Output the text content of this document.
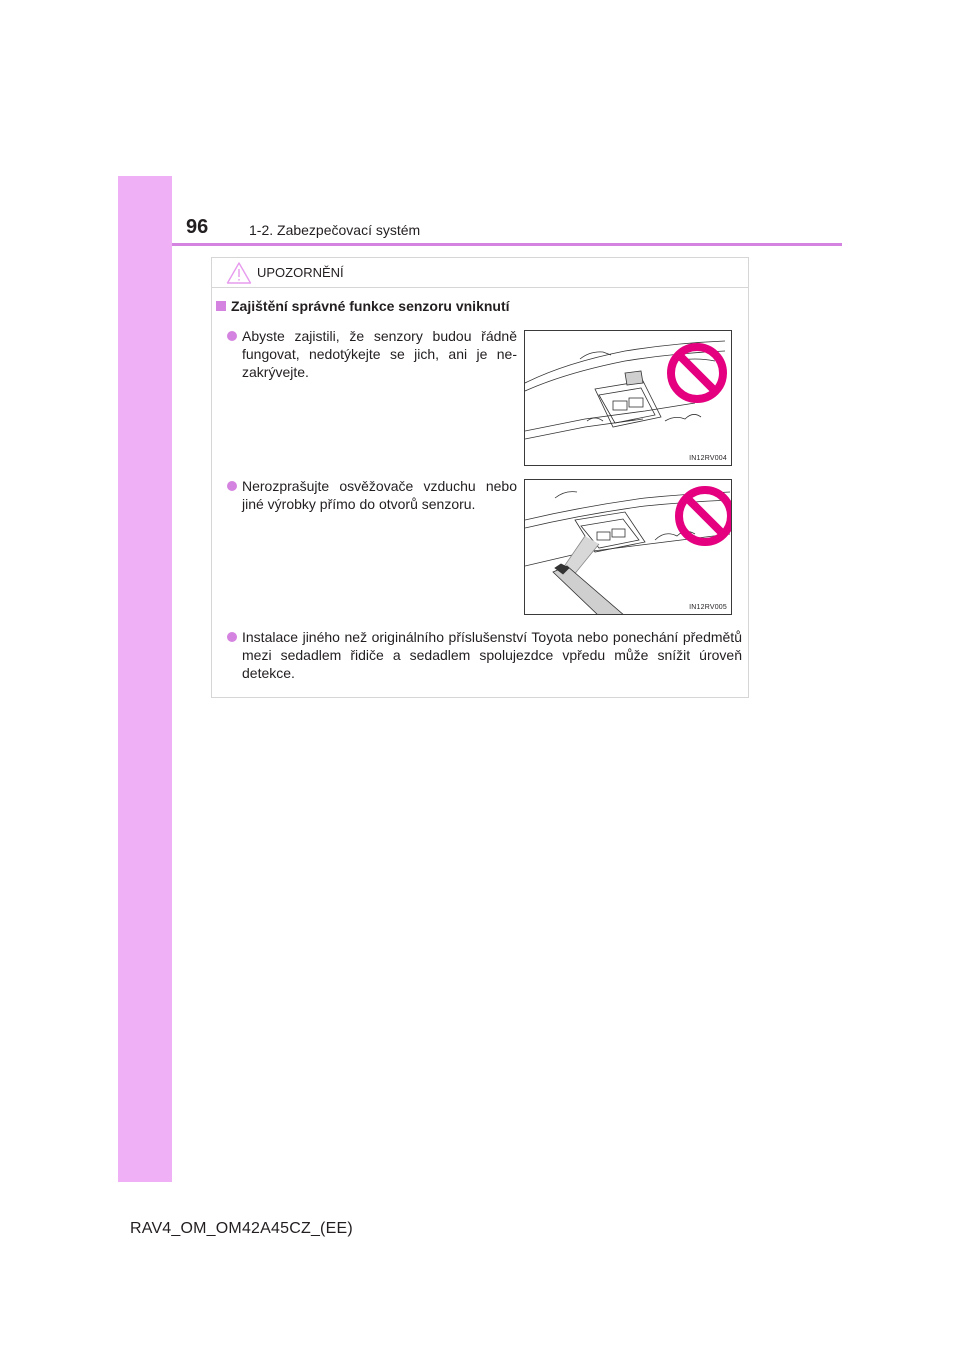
96	1-2. Zabezpečovací systém
UPOZORNĚNÍ
Zajištění správné funkce senzoru vniknutí
Abyste zajistili, že senzory budou řádně fungovat, nedotýkejte se jich, ani je nezakrývejte.
IN12RV004
Nerozprašujte osvěžovače vzduchu nebo jiné výrobky přímo do otvorů senzoru.
IN12RV005
Instalace jiného než originálního příslušenství Toyota nebo ponechání předmětů mezi sedadlem řidiče a sedadlem spolujezdce vpředu může snížit úroveň detekce.
RAV4_OM_OM42A45CZ_(EE)
